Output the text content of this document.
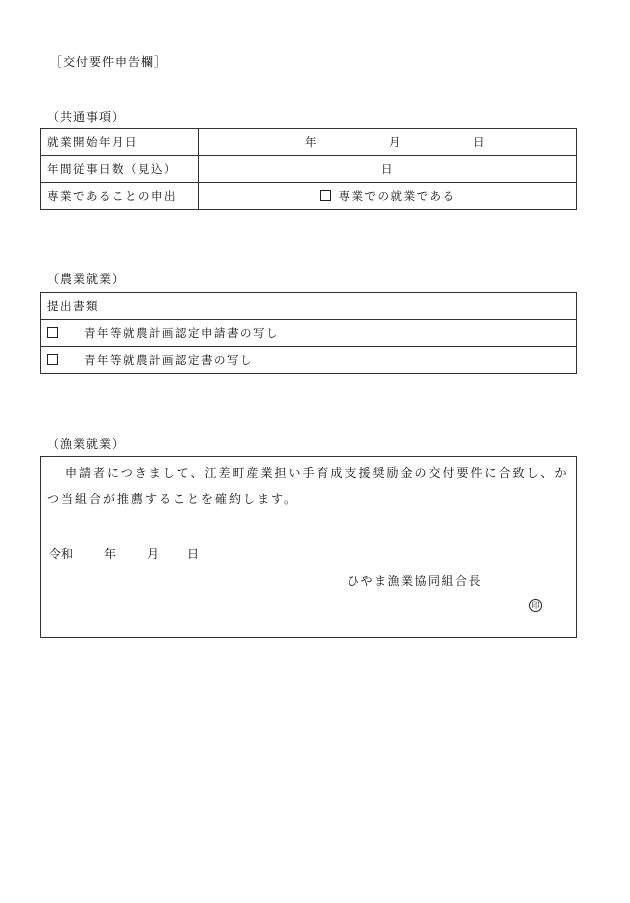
［交付要件申告欄］
（共通事項）
就業開始年月日	年 月 日
年間従事日数（見込）	日
専業であることの申出	専業での就業である
（農業就業）
提出書類
青年等就農計画認定申請書の写し
青年等就農計画認定書の写し
（漁業就業）
申請者につきまして、江差町産業担い手育成支援奨励金の交付要件に合致し、か
つ当組合が推薦することを確約します。
令和	年	月 日
ひやま漁業協同組合長
印
